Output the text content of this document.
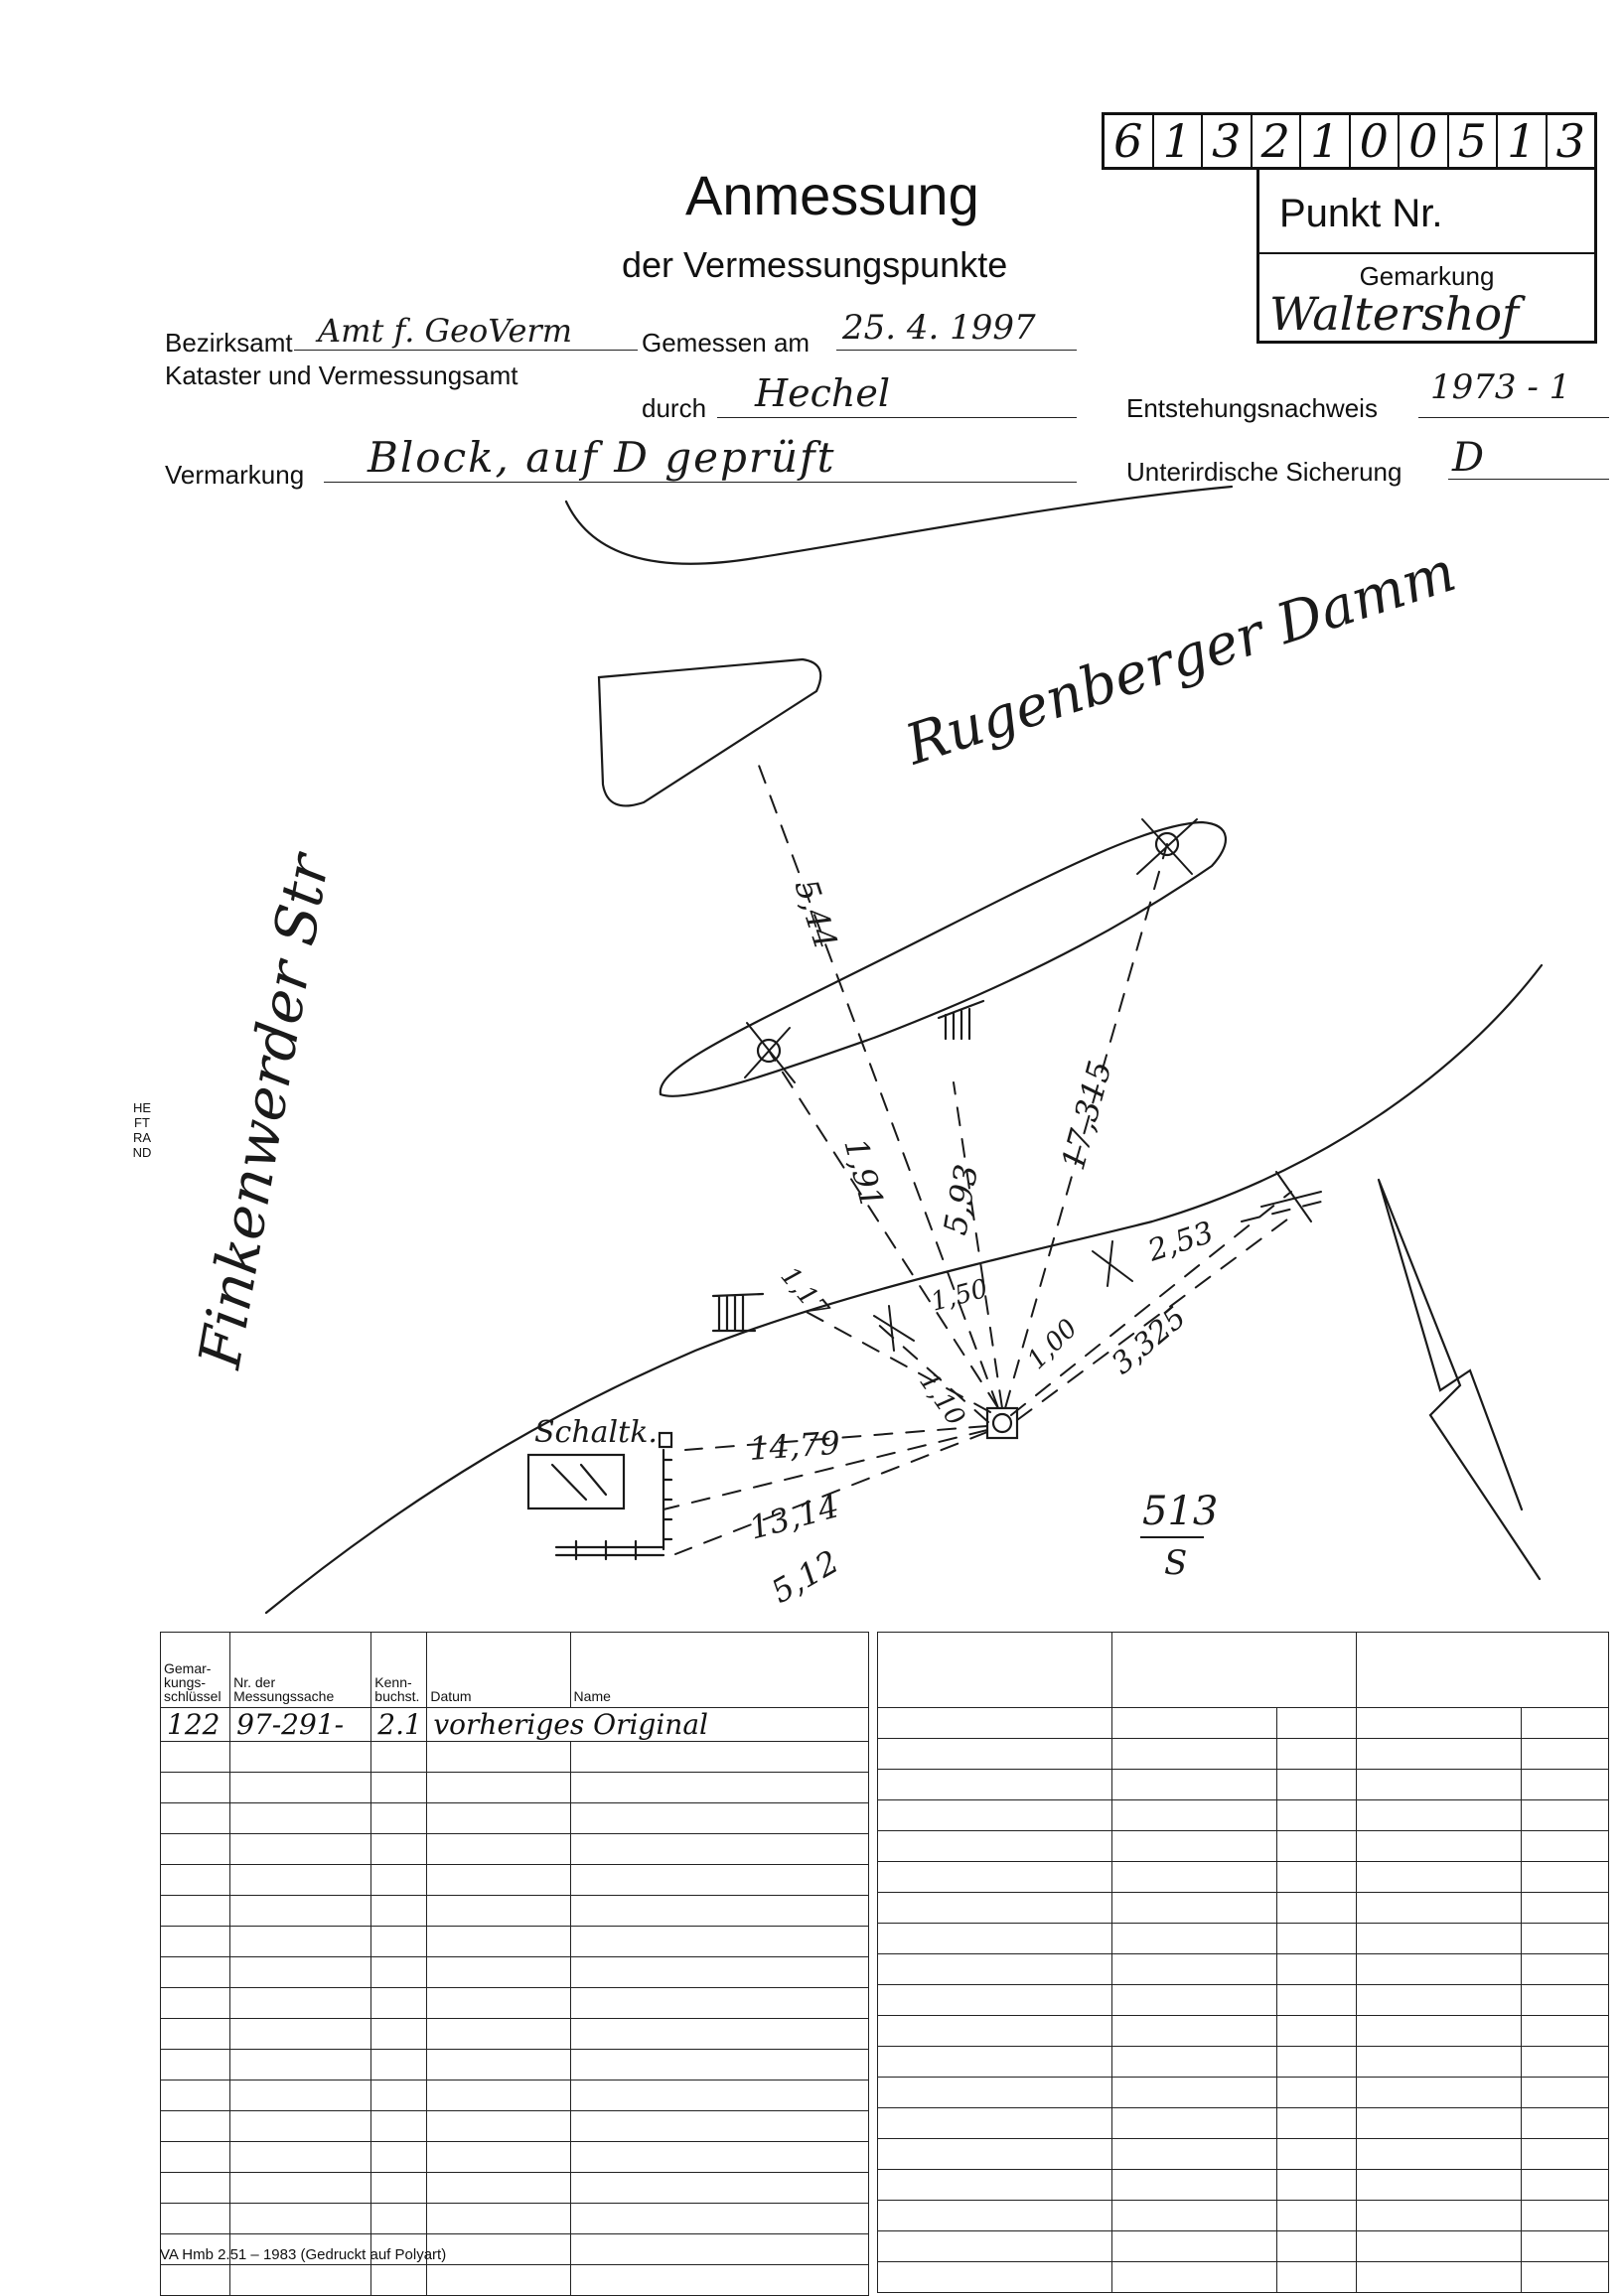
Anmessung
der Vermessungspunkte
6 1 3 2 1 0 0 5 1 3
Punkt Nr.
Gemarkung
Waltershof
Bezirksamt Amt f. GeoVerm
Kataster und Vermessungsamt
Gemessen am 25. 4. 1997
durch Hechel	Entstehungsnachweis
1973 - 1
Vermarkung Block, auf D geprüft	Unterirdische Sicherung D
HEFTRAND
Rugenberger Damm
Finkenwerder Str
Schaltk.
5,44
1,91 5,93
17,315
2,53
3,325
1,50
1,00
1,10
1,17
14,79
13,14
5,12
513
S
Gemar-
kungs-
schlüssel	Nr. der
Messungssache	Kenn-
buchst.	Datum	Name
122	97-291-	2.1	vorheriges Original	

VA Hmb 2.51 – 1983 (Gedruckt auf Polyart)
